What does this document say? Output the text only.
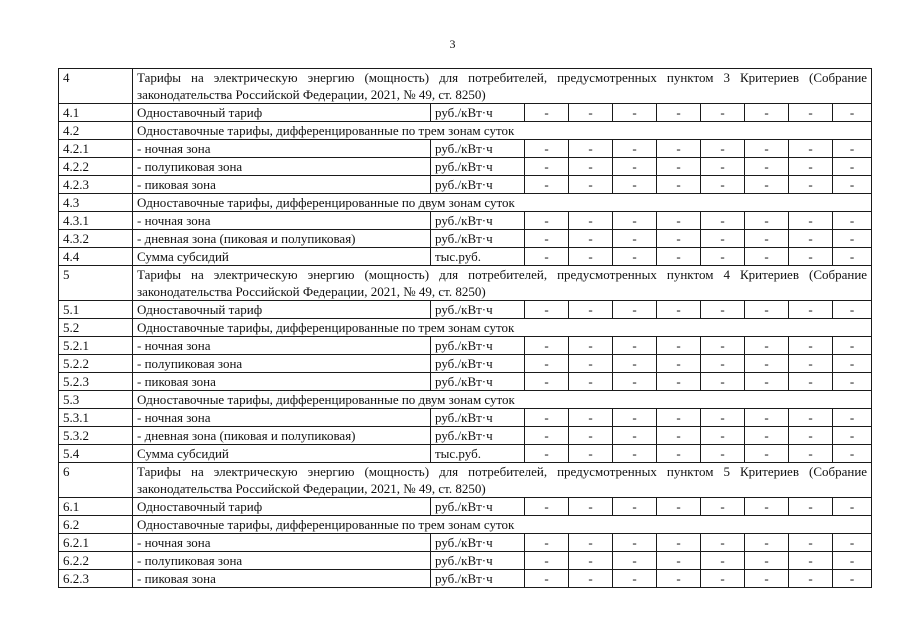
3
4	Тарифы на электрическую энергию (мощность) для потребителей, предусмотренных пунктом 3 Критериев (Собрание законодательства Российской Федерации, 2021, № 49, ст. 8250)									
4.1	Одноставочный тариф	руб./кВт·ч	-	-	-	-	-	-	-	-
4.2	Одноставочные тарифы, дифференцированные по трем зонам суток									
4.2.1	- ночная зона	руб./кВт·ч	-	-	-	-	-	-	-	-
4.2.2	- полупиковая зона	руб./кВт·ч	-	-	-	-	-	-	-	-
4.2.3	- пиковая зона	руб./кВт·ч	-	-	-	-	-	-	-	-
4.3	Одноставочные тарифы, дифференцированные по двум зонам суток									
4.3.1	- ночная зона	руб./кВт·ч	-	-	-	-	-	-	-	-
4.3.2	- дневная зона (пиковая и полупиковая)	руб./кВт·ч	-	-	-	-	-	-	-	-
4.4	Сумма субсидий	тыс.руб.	-	-	-	-	-	-	-	-
5	Тарифы на электрическую энергию (мощность) для потребителей, предусмотренных пунктом 4 Критериев (Собрание законодательства Российской Федерации, 2021, № 49, ст. 8250)									
5.1	Одноставочный тариф	руб./кВт·ч	-	-	-	-	-	-	-	-
5.2	Одноставочные тарифы, дифференцированные по трем зонам суток									
5.2.1	- ночная зона	руб./кВт·ч	-	-	-	-	-	-	-	-
5.2.2	- полупиковая зона	руб./кВт·ч	-	-	-	-	-	-	-	-
5.2.3	- пиковая зона	руб./кВт·ч	-	-	-	-	-	-	-	-
5.3	Одноставочные тарифы, дифференцированные по двум зонам суток									
5.3.1	- ночная зона	руб./кВт·ч	-	-	-	-	-	-	-	-
5.3.2	- дневная зона (пиковая и полупиковая)	руб./кВт·ч	-	-	-	-	-	-	-	-
5.4	Сумма субсидий	тыс.руб.	-	-	-	-	-	-	-	-
6	Тарифы на электрическую энергию (мощность) для потребителей, предусмотренных пунктом 5 Критериев (Собрание законодательства Российской Федерации, 2021, № 49, ст. 8250)									
6.1	Одноставочный тариф	руб./кВт·ч	-	-	-	-	-	-	-	-
6.2	Одноставочные тарифы, дифференцированные по трем зонам суток									
6.2.1	- ночная зона	руб./кВт·ч	-	-	-	-	-	-	-	-
6.2.2	- полупиковая зона	руб./кВт·ч	-	-	-	-	-	-	-	-
6.2.3	- пиковая зона	руб./кВт·ч	-	-	-	-	-	-	-	-
